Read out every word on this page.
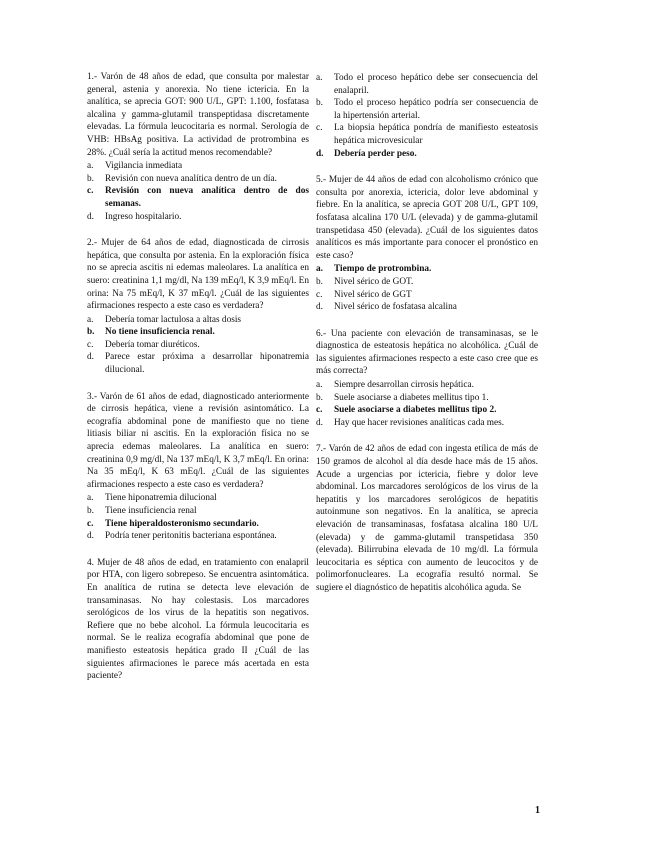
1.- Varón de 48 años de edad, que consulta por malestar general, astenia y anorexia. No tiene ictericia. En la analítica, se aprecia GOT: 900 U/L, GPT: 1.100, fosfatasa alcalina y gamma-glutamil transpeptidasa discretamente elevadas. La fórmula leucocitaria es normal. Serología de VHB: HBsAg positiva. La actividad de protrombina es 28%. ¿Cuál sería la actitud menos recomendable?

a. Vigilancia inmediata
b. Revisión con nueva analítica dentro de un día.
c. Revisión con nueva analítica dentro de dos semanas.
d. Ingreso hospitalario.

2.- Mujer de 64 años de edad, diagnosticada de cirrosis hepática, que consulta por astenia. En la exploración física no se aprecia ascitis ni edemas maleolares. La analítica en suero: creatinina 1,1 mg/dl, Na 139 mEq/l, K 3,9 mEq/l. En orina: Na 75 mEq/l, K 37 mEq/l. ¿Cuál de las siguientes afirmaciones respecto a este caso es verdadera?

a. Debería tomar lactulosa a altas dosis
b. No tiene insuficiencia renal.
c. Debería tomar diuréticos.
d. Parece estar próxima a desarrollar hiponatremia dilucional.

3.- Varón de 61 años de edad, diagnosticado anteriormente de cirrosis hepática, viene a revisión asintomático. La ecografía abdominal pone de manifiesto que no tiene litiasis biliar ni ascitis. En la exploración física no se aprecia edemas maleolares. La analítica en suero: creatinina 0,9 mg/dl, Na 137 mEq/l, K 3,7 mEq/l. En orina: Na 35 mEq/l, K 63 mEq/l. ¿Cuál de las siguientes afirmaciones respecto a este caso es verdadera?

a. Tiene hiponatremia dilucional
b. Tiene insuficiencia renal
c. Tiene hiperaldosteronismo secundario.
d. Podría tener peritonitis bacteriana espontánea.

4. Mujer de 48 años de edad, en tratamiento con enalapril por HTA, con ligero sobrepeso. Se encuentra asintomática. En analítica de rutina se detecta leve elevación de transaminasas. No hay colestasis. Los marcadores serológicos de los virus de la hepatitis son negativos. Refiere que no bebe alcohol. La fórmula leucocitaria es normal. Se le realiza ecografía abdominal que pone de manifiesto esteatosis hepática grado II ¿Cuál de las siguientes afirmaciones le parece más acertada en esta paciente?

a. Todo el proceso hepático debe ser consecuencia del enalapril.
b. Todo el proceso hepático podría ser consecuencia de la hipertensión arterial.
c. La biopsia hepática pondría de manifiesto esteatosis hepática microvesicular
d. Debería perder peso.

5.- Mujer de 44 años de edad con alcoholismo crónico que consulta por anorexia, ictericia, dolor leve abdominal y fiebre. En la analítica, se aprecia GOT 208 U/L, GPT 109, fosfatasa alcalina 170 U/L (elevada) y de gamma-glutamil transpetidasa 450 (elevada). ¿Cuál de los siguientes datos analíticos es más importante para conocer el pronóstico en este caso?

a. Tiempo de protrombina.
b. Nivel sérico de GOT.
c. Nivel sérico de GGT
d. Nivel sérico de fosfatasa alcalina

6.- Una paciente con elevación de transaminasas, se le diagnostica de esteatosis hepática no alcohólica. ¿Cuál de las siguientes afirmaciones respecto a este caso cree que es más correcta?

a. Siempre desarrollan cirrosis hepática.
b. Suele asociarse a diabetes mellitus tipo 1.
c. Suele asociarse a diabetes mellitus tipo 2.
d. Hay que hacer revisiones analíticas cada mes.

7.- Varón de 42 años de edad con ingesta etílica de más de 150 gramos de alcohol al día desde hace más de 15 años. Acude a urgencias por ictericia, fiebre y dolor leve abdominal. Los marcadores serológicos de los virus de la hepatitis y los marcadores serológicos de hepatitis autoinmune son negativos. En la analítica, se aprecia elevación de transaminasas, fosfatasa alcalina 180 U/L (elevada) y de gamma-glutamil transpetidasa 350 (elevada). Bilirrubina elevada de 10 mg/dl. La fórmula leucocitaria es séptica con aumento de leucocitos y de polimorfonucleares. La ecografía resultó normal. Se sugiere el diagnóstico de hepatitis alcohólica aguda. Se

1
